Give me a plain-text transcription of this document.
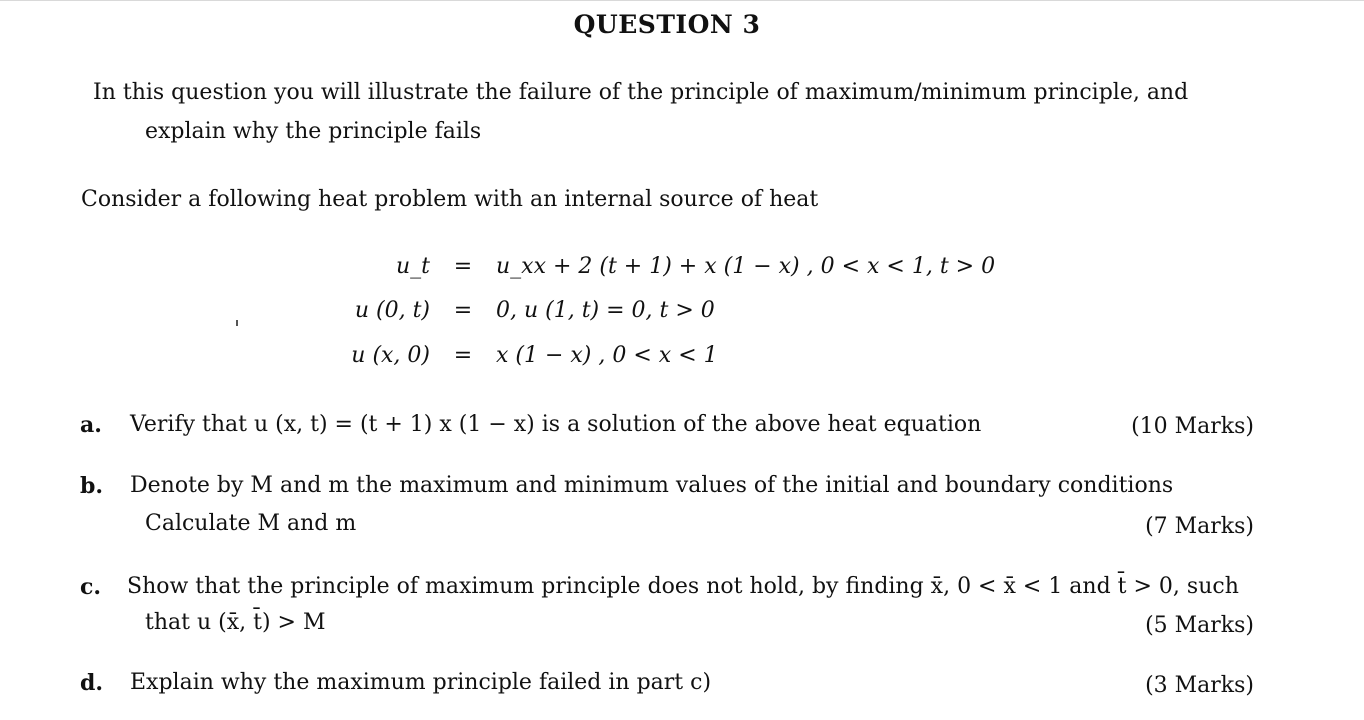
QUESTION 3
In this question you will illustrate the failure of the principle of maximum/minimum principle, and
explain why the principle fails
Consider a following heat problem with an internal source of heat
u_t = u_xx + 2 (t + 1) + x (1 − x) , 0 < x < 1, t > 0
u (0, t) = 0, u (1, t) = 0, t > 0
u (x, 0) = x (1 − x) , 0 < x < 1
a. Verify that u (x, t) = (t + 1) x (1 − x) is a solution of the above heat equation	(10 Marks)
b. Denote by M and m the maximum and minimum values of the initial and boundary conditions
Calculate M and m	(7 Marks)
c. Show that the principle of maximum principle does not hold, by finding x̄, 0 < x̄ < 1 and t̄ > 0, such
that u (x̄, t̄) > M	(5 Marks)
d. Explain why the maximum principle failed in part c)	(3 Marks)
